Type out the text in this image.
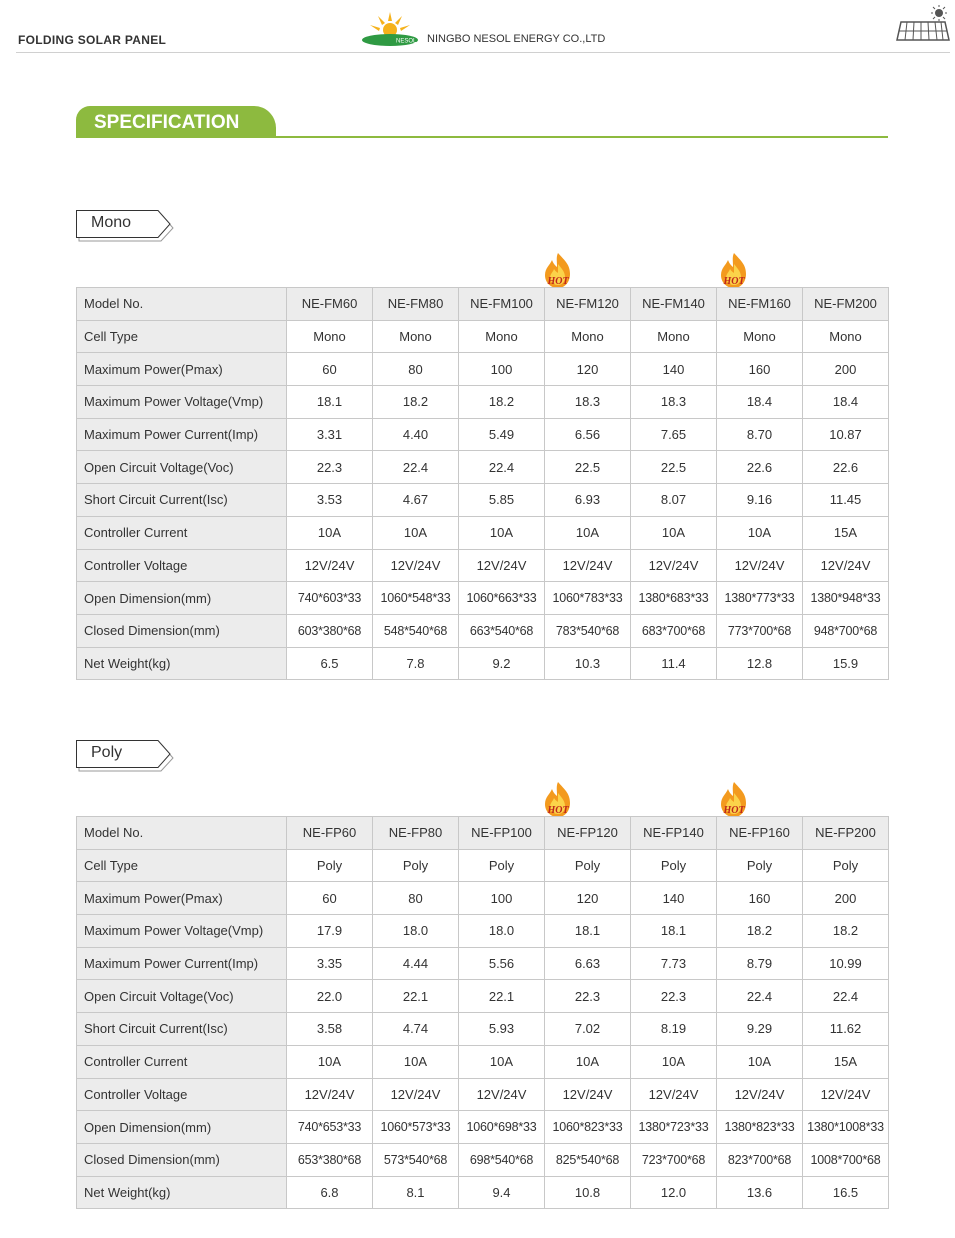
FOLDING SOLAR PANEL	NESOL NINGBO NESOL ENERGY CO.,LTD
SPECIFICATION
Mono
HOT	HOT
Model No.	NE-FM60	NE-FM80	NE-FM100	NE-FM120	NE-FM140	NE-FM160	NE-FM200
Cell Type	Mono	Mono	Mono	Mono	Mono	Mono	Mono
Maximum Power(Pmax)	60	80	100	120	140	160	200
Maximum Power Voltage(Vmp)	18.1	18.2	18.2	18.3	18.3	18.4	18.4
Maximum Power Current(Imp)	3.31	4.40	5.49	6.56	7.65	8.70	10.87
Open Circuit Voltage(Voc)	22.3	22.4	22.4	22.5	22.5	22.6	22.6
Short Circuit Current(Isc)	3.53	4.67	5.85	6.93	8.07	9.16	11.45
Controller Current	10A	10A	10A	10A	10A	10A	15A
Controller Voltage	12V/24V	12V/24V	12V/24V	12V/24V	12V/24V	12V/24V	12V/24V
Open Dimension(mm)	740*603*33	1060*548*33	1060*663*33	1060*783*33	1380*683*33	1380*773*33	1380*948*33
Closed Dimension(mm)	603*380*68	548*540*68	663*540*68	783*540*68	683*700*68	773*700*68	948*700*68
Net Weight(kg)	6.5	7.8	9.2	10.3	11.4	12.8	15.9
Poly
HOT	HOT
Model No.	NE-FP60	NE-FP80	NE-FP100	NE-FP120	NE-FP140	NE-FP160	NE-FP200
Cell Type	Poly	Poly	Poly	Poly	Poly	Poly	Poly
Maximum Power(Pmax)	60	80	100	120	140	160	200
Maximum Power Voltage(Vmp)	17.9	18.0	18.0	18.1	18.1	18.2	18.2
Maximum Power Current(Imp)	3.35	4.44	5.56	6.63	7.73	8.79	10.99
Open Circuit Voltage(Voc)	22.0	22.1	22.1	22.3	22.3	22.4	22.4
Short Circuit Current(Isc)	3.58	4.74	5.93	7.02	8.19	9.29	11.62
Controller Current	10A	10A	10A	10A	10A	10A	15A
Controller Voltage	12V/24V	12V/24V	12V/24V	12V/24V	12V/24V	12V/24V	12V/24V
Open Dimension(mm)	740*653*33	1060*573*33	1060*698*33	1060*823*33	1380*723*33	1380*823*33	1380*1008*33
Closed Dimension(mm)	653*380*68	573*540*68	698*540*68	825*540*68	723*700*68	823*700*68	1008*700*68
Net Weight(kg)	6.8	8.1	9.4	10.8	12.0	13.6	16.5
